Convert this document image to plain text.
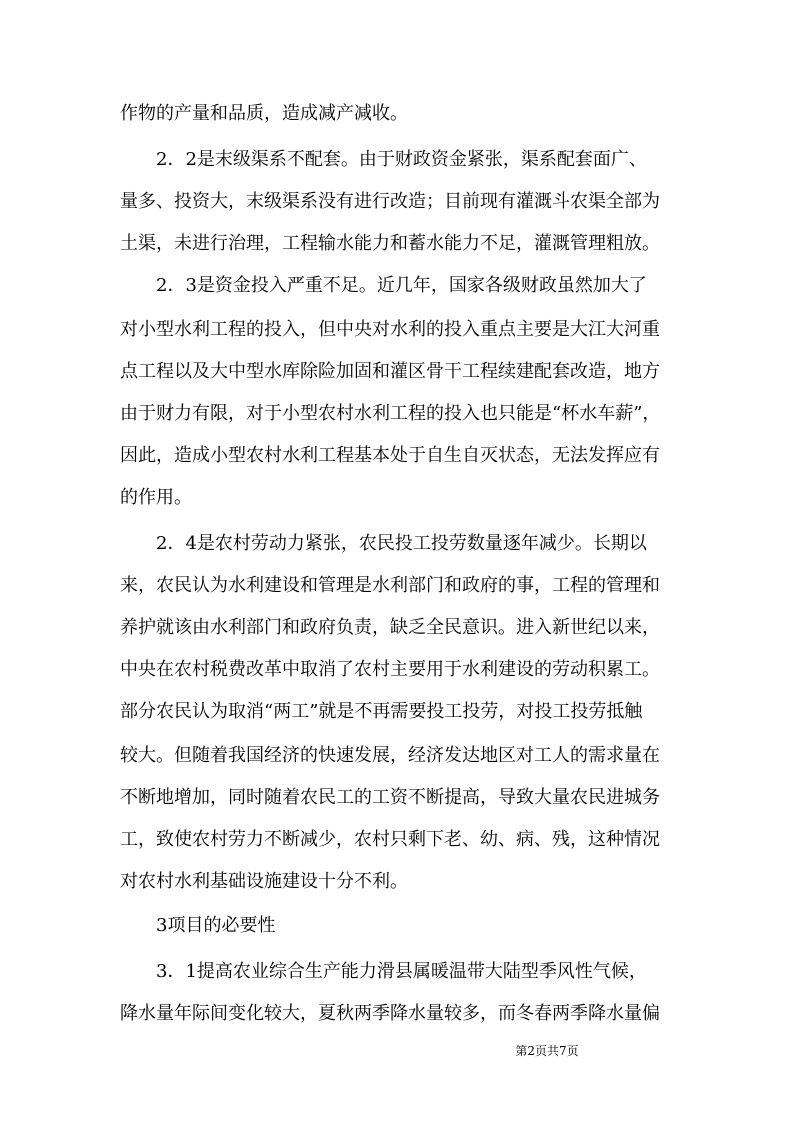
作物的产量和品质，造成减产减收。
2．2是末级渠系不配套。由于财政资金紧张，渠系配套面广、
量多、投资大，末级渠系没有进行改造；目前现有灌溉斗农渠全部为
土渠，未进行治理，工程输水能力和蓄水能力不足，灌溉管理粗放。
2．3是资金投入严重不足。近几年，国家各级财政虽然加大了
对小型水利工程的投入，但中央对水利的投入重点主要是大江大河重
点工程以及大中型水库除险加固和灌区骨干工程续建配套改造，地方
由于财力有限，对于小型农村水利工程的投入也只能是“杯水车薪”，
因此，造成小型农村水利工程基本处于自生自灭状态，无法发挥应有
的作用。
2．4是农村劳动力紧张，农民投工投劳数量逐年减少。长期以
来，农民认为水利建设和管理是水利部门和政府的事，工程的管理和
养护就该由水利部门和政府负责，缺乏全民意识。进入新世纪以来，
中央在农村税费改革中取消了农村主要用于水利建设的劳动积累工。
部分农民认为取消“两工”就是不再需要投工投劳，对投工投劳抵触
较大。但随着我国经济的快速发展，经济发达地区对工人的需求量在
不断地增加，同时随着农民工的工资不断提高，导致大量农民进城务
工，致使农村劳力不断减少，农村只剩下老、幼、病、残，这种情况
对农村水利基础设施建设十分不利。
3项目的必要性
3．1提高农业综合生产能力滑县属暖温带大陆型季风性气候，
降水量年际间变化较大，夏秋两季降水量较多，而冬春两季降水量偏
第2页共7页
